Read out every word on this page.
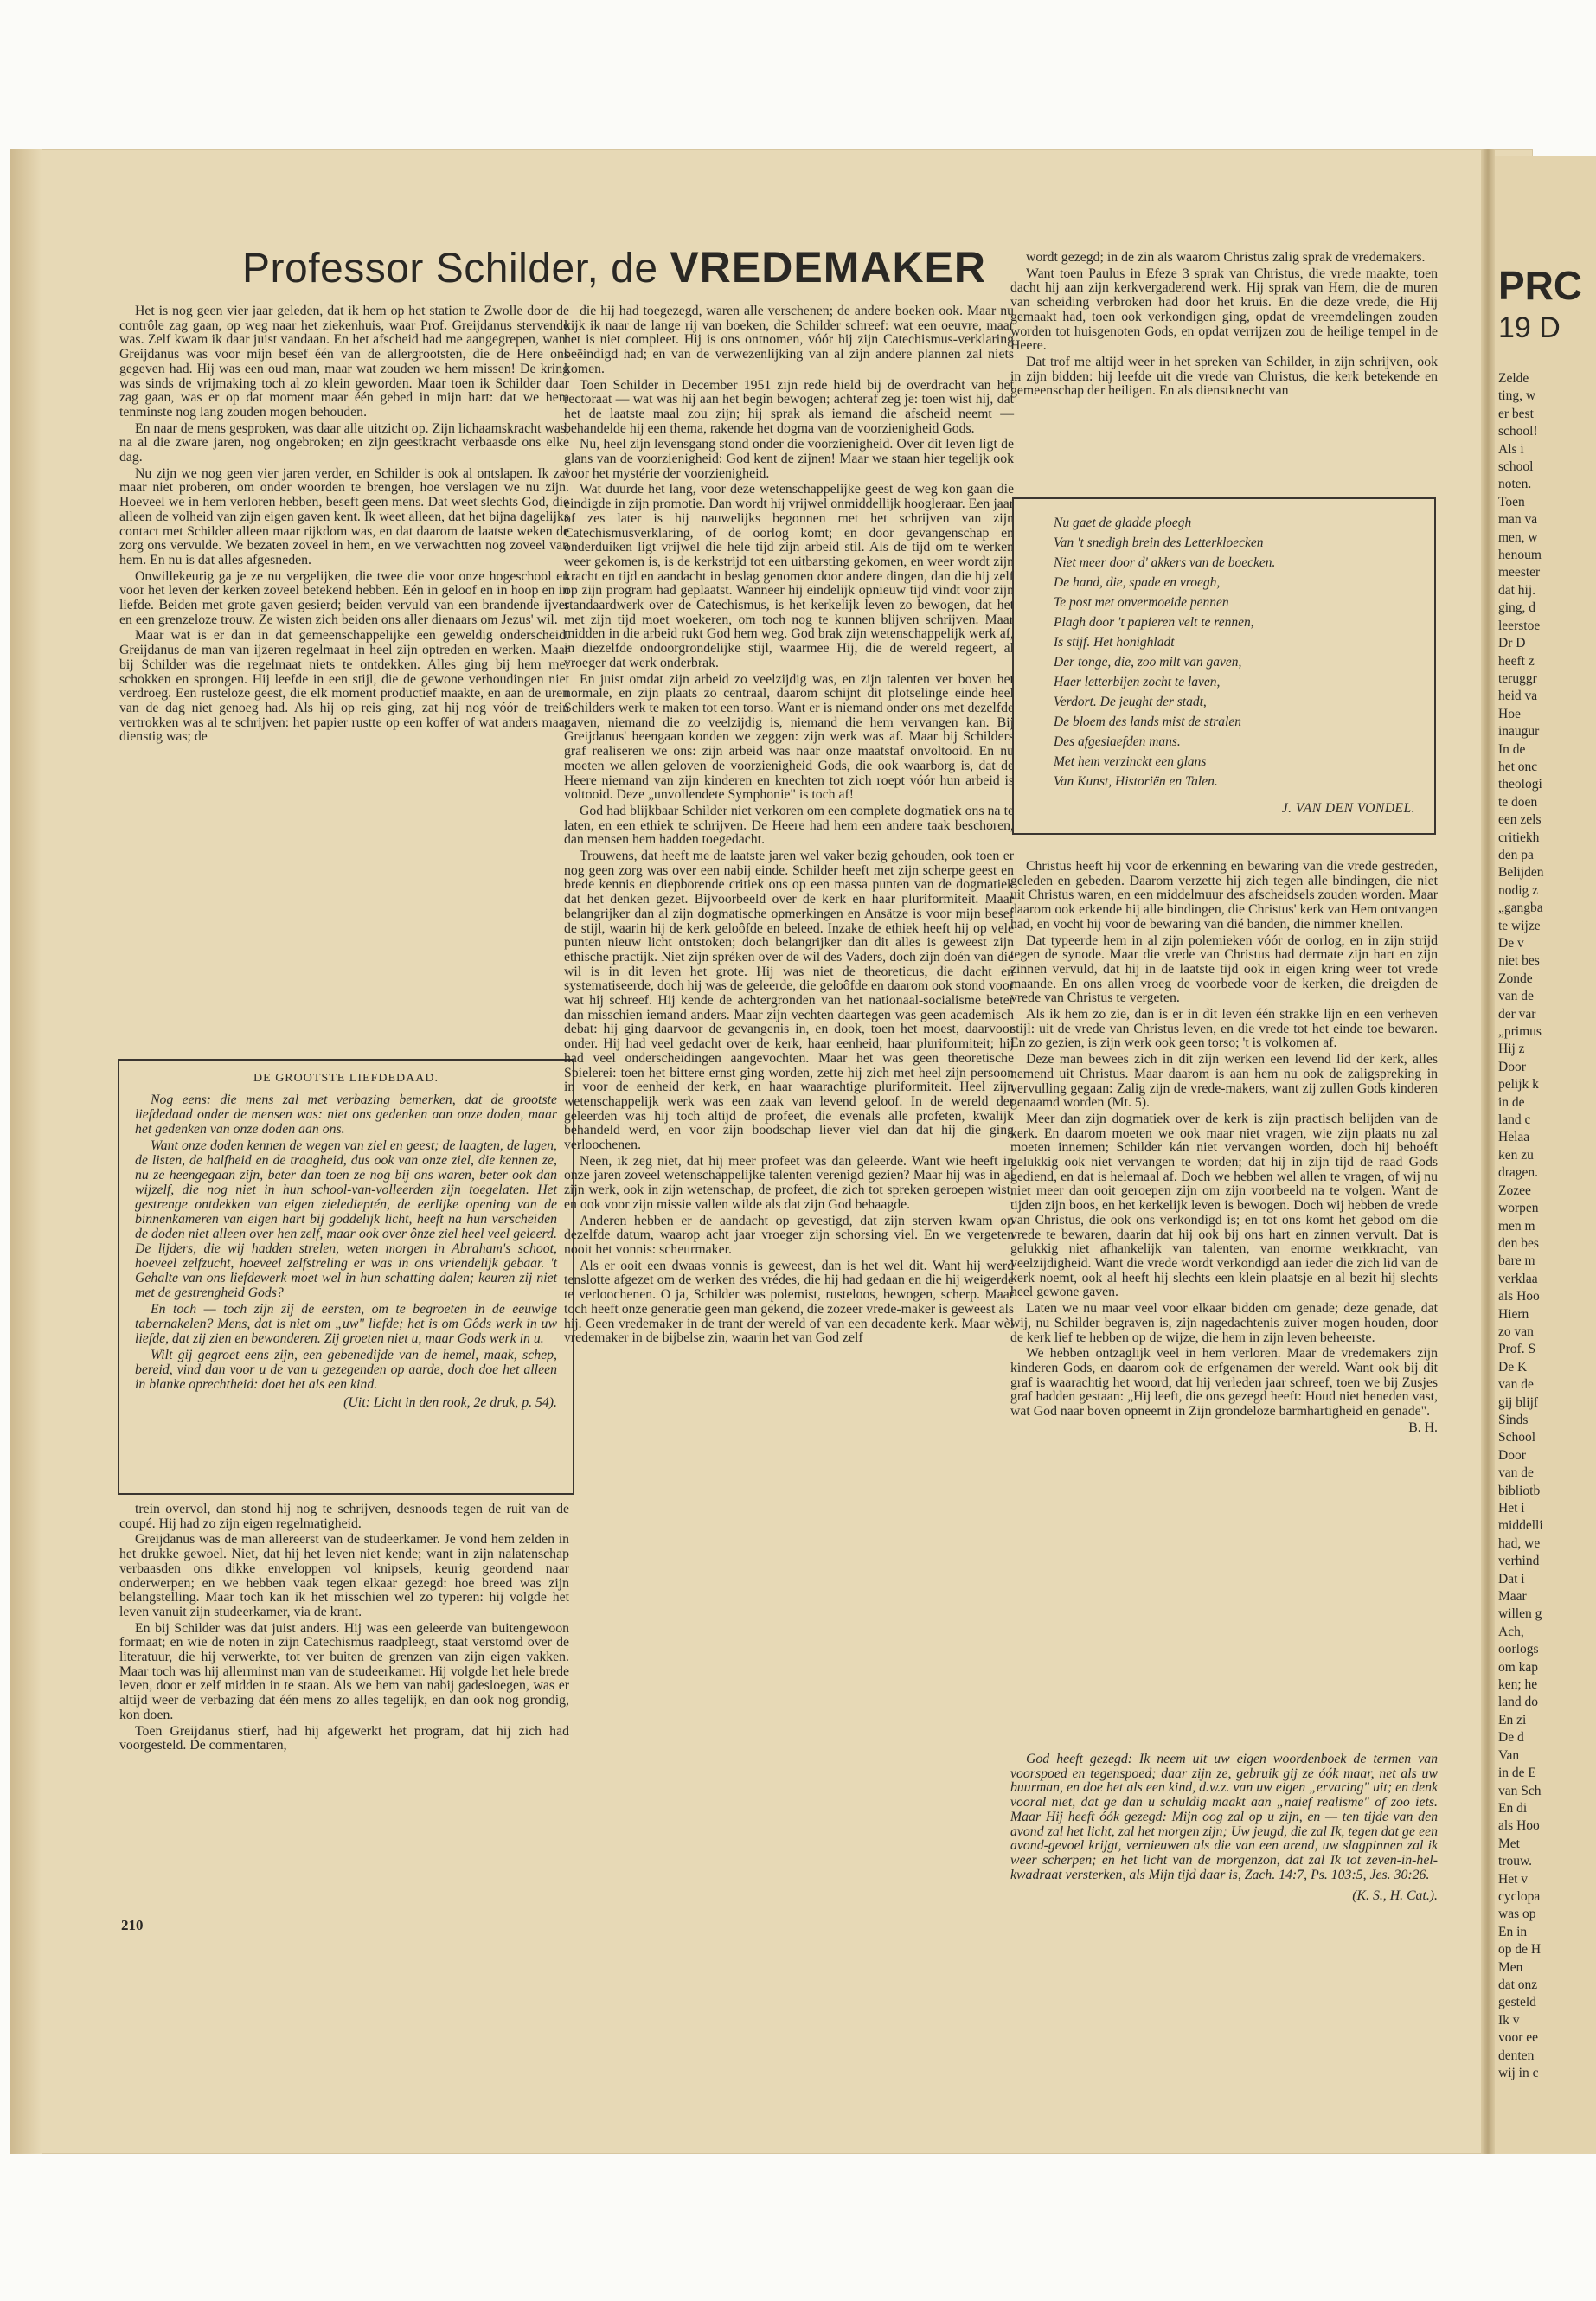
Professor Schilder, de VREDEMAKER

Het is nog geen vier jaar geleden, dat ik hem op het station te Zwolle door de contrôle zag gaan, op weg naar het ziekenhuis, waar Prof. Greijdanus stervende was. Zelf kwam ik daar juist vandaan. En het afscheid had me aangegrepen, want Greijdanus was voor mijn besef één van de allergrootsten, die de Here ons gegeven had. Hij was een oud man, maar wat zouden we hem missen! De kring was sinds de vrijmaking toch al zo klein geworden. Maar toen ik Schilder daar zag gaan, was er op dat moment maar één gebed in mijn hart: dat we hem tenminste nog lang zouden mogen behouden.

En naar de mens gesproken, was daar alle uitzicht op. Zijn lichaamskracht was, na al die zware jaren, nog ongebroken; en zijn geestkracht verbaasde ons elke dag.

Nu zijn we nog geen vier jaren verder, en Schilder is ook al ontslapen. Ik zal maar niet proberen, om onder woorden te brengen, hoe verslagen we nu zijn. Hoeveel we in hem verloren hebben, beseft geen mens. Dat weet slechts God, die alleen de volheid van zijn eigen gaven kent. Ik weet alleen, dat het bijna dagelijks contact met Schilder alleen maar rijkdom was, en dat daarom de laatste weken de zorg ons vervulde. We bezaten zoveel in hem, en we verwachtten nog zoveel van hem. En nu is dat alles afgesneden.

Onwillekeurig ga je ze nu vergelijken, die twee die voor onze hogeschool en voor het leven der kerken zoveel betekend hebben. Eén in geloof en in hoop en in liefde. Beiden met grote gaven gesierd; beiden vervuld van een brandende ijver en een grenzeloze trouw. Ze wisten zich beiden ons aller dienaars om Jezus' wil.

Maar wat is er dan in dat gemeenschappelijke een geweldig onderscheid. Greijdanus de man van ijzeren regelmaat in heel zijn optreden en werken. Maar bij Schilder was die regelmaat niets te ontdekken. Alles ging bij hem met schokken en sprongen. Hij leefde in een stijl, die de gewone verhoudingen niet verdroeg. Een rusteloze geest, die elk moment productief maakte, en aan de uren van de dag niet genoeg had. Als hij op reis ging, zat hij nog vóór de trein vertrokken was al te schrijven: het papier rustte op een koffer of wat anders maar dienstig was; de

DE GROOTSTE LIEFDEDAAD.

Nog eens: die mens zal met verbazing bemerken, dat de grootste liefdedaad onder de mensen was: niet ons gedenken aan onze doden, maar het gedenken van onze doden aan ons.

Want onze doden kennen de wegen van ziel en geest; de laagten, de lagen, de listen, de halfheid en de traagheid, dus ook van onze ziel, die kennen ze, nu ze heengegaan zijn, beter dan toen ze nog bij ons waren, beter ook dan wijzelf, die nog niet in hun school-van-volleerden zijn toegelaten. Het gestrenge ontdekken van eigen zieledieptén, de eerlijke opening van de binnenkameren van eigen hart bij goddelijk licht, heeft na hun verscheiden de doden niet alleen over hen zelf, maar ook over ônze ziel heel veel geleerd. De lijders, die wij hadden strelen, weten morgen in Abraham's schoot, hoeveel zelfzucht, hoeveel zelfstreling er was in ons vriendelijk gebaar. 't Gehalte van ons liefdewerk moet wel in hun schatting dalen; keuren zij niet met de gestrengheid Gods?

En toch — toch zijn zij de eersten, om te begroeten in de eeuwige tabernakelen? Mens, dat is niet om „uw" liefde; het is om Gôds werk in uw liefde, dat zij zien en bewonderen. Zij groeten niet u, maar Gods werk in u.

Wilt gij gegroet eens zijn, een gebenedijde van de hemel, maak, schep, bereid, vind dan voor u de van u gezegenden op aarde, doch doe het alleen in blanke oprechtheid: doet het als een kind.

(Uit: Licht in den rook, 2e druk, p. 54).

trein overvol, dan stond hij nog te schrijven, desnoods tegen de ruit van de coupé. Hij had zo zijn eigen regelmatigheid.

Greijdanus was de man allereerst van de studeerkamer. Je vond hem zelden in het drukke gewoel. Niet, dat hij het leven niet kende; want in zijn nalatenschap verbaasden ons dikke enveloppen vol knipsels, keurig geordend naar onderwerpen; en we hebben vaak tegen elkaar gezegd: hoe breed was zijn belangstelling. Maar toch kan ik het misschien wel zo typeren: hij volgde het leven vanuit zijn studeerkamer, via de krant.

En bij Schilder was dat juist anders. Hij was een geleerde van buitengewoon formaat; en wie de noten in zijn Catechismus raadpleegt, staat verstomd over de literatuur, die hij verwerkte, tot ver buiten de grenzen van zijn eigen vakken. Maar toch was hij allerminst man van de studeerkamer. Hij volgde het hele brede leven, door er zelf midden in te staan. Als we hem van nabij gadesloegen, was er altijd weer de verbazing dat één mens zo alles tegelijk, en dan ook nog grondig, kon doen.

Toen Greijdanus stierf, had hij afgewerkt het program, dat hij zich had voorgesteld. De commentaren,

210

die hij had toegezegd, waren alle verschenen; de andere boeken ook. Maar nu kijk ik naar de lange rij van boeken, die Schilder schreef: wat een oeuvre, maar het is niet compleet. Hij is ons ontnomen, vóór hij zijn Catechismus-verklaring beëindigd had; en van de verwezenlijking van al zijn andere plannen zal niets komen.

Toen Schilder in December 1951 zijn rede hield bij de overdracht van het rectoraat — wat was hij aan het begin bewogen; achteraf zeg je: toen wist hij, dat het de laatste maal zou zijn; hij sprak als iemand die afscheid neemt — behandelde hij een thema, rakende het dogma van de voorzienigheid Gods.

Nu, heel zijn levensgang stond onder die voorzienigheid. Over dit leven ligt de glans van de voorzienigheid: God kent de zijnen! Maar we staan hier tegelijk ook voor het mystérie der voorzienigheid.

Wat duurde het lang, voor deze wetenschappelijke geest de weg kon gaan die eindigde in zijn promotie. Dan wordt hij vrijwel onmiddellijk hoogleraar. Een jaar of zes later is hij nauwelijks begonnen met het schrijven van zijn Catechismusverklaring, of de oorlog komt; en door gevangenschap en onderduiken ligt vrijwel die hele tijd zijn arbeid stil. Als de tijd om te werken weer gekomen is, is de kerkstrijd tot een uitbarsting gekomen, en weer wordt zijn kracht en tijd en aandacht in beslag genomen door andere dingen, dan die hij zelf op zijn program had geplaatst. Wanneer hij eindelijk opnieuw tijd vindt voor zijn standaardwerk over de Catechismus, is het kerkelijk leven zo bewogen, dat het met zijn tijd moet woekeren, om toch nog te kunnen blijven schrijven. Maar midden in die arbeid rukt God hem weg. God brak zijn wetenschappelijk werk af, in diezelfde ondoorgrondelijke stijl, waarmee Hij, die de wereld regeert, al vroeger dat werk onderbrak.

En juist omdat zijn arbeid zo veelzijdig was, en zijn talenten ver boven het normale, en zijn plaats zo centraal, daarom schijnt dit plotselinge einde heel Schilders werk te maken tot een torso. Want er is niemand onder ons met dezelfde gaven, niemand die zo veelzijdig is, niemand die hem vervangen kan. Bij Greijdanus' heengaan konden we zeggen: zijn werk was af. Maar bij Schilders graf realiseren we ons: zijn arbeid was naar onze maatstaf onvoltooid. En nu moeten we allen geloven de voorzienigheid Gods, die ook waarborg is, dat de Heere niemand van zijn kinderen en knechten tot zich roept vóór hun arbeid is voltooid. Deze „unvollendete Symphonie" is toch af!

God had blijkbaar Schilder niet verkoren om een complete dogmatiek ons na te laten, en een ethiek te schrijven. De Heere had hem een andere taak beschoren, dan mensen hem hadden toegedacht.

Trouwens, dat heeft me de laatste jaren wel vaker bezig gehouden, ook toen er nog geen zorg was over een nabij einde. Schilder heeft met zijn scherpe geest en brede kennis en diepborende critiek ons op een massa punten van de dogmatiek dat het denken gezet. Bijvoorbeeld over de kerk en haar pluriformiteit. Maar belangrijker dan al zijn dogmatische opmerkingen en Ansätze is voor mijn besef de stijl, waarin hij de kerk geloôfde en beleed. Inzake de ethiek heeft hij op vele punten nieuw licht ontstoken; doch belangrijker dan dit alles is geweest zijn ethische practijk. Niet zijn spréken over de wil des Vaders, doch zijn doén van die wil is in dit leven het grote. Hij was niet de theoreticus, die dacht en systematiseerde, doch hij was de geleerde, die geloôfde en daarom ook stond voor wat hij schreef. Hij kende de achtergronden van het nationaal-socialisme beter dan misschien iemand anders. Maar zijn vechten daartegen was geen academisch debat: hij ging daarvoor de gevangenis in, en dook, toen het moest, daarvoor onder. Hij had veel gedacht over de kerk, haar eenheid, haar pluriformiteit; hij had veel onderscheidingen aangevochten. Maar het was geen theoretische Spielerei: toen het bittere ernst ging worden, zette hij zich met heel zijn persoon in voor de eenheid der kerk, en haar waarachtige pluriformiteit. Heel zijn wetenschappelijk werk was een zaak van levend geloof. In de wereld der geleerden was hij toch altijd de profeet, die evenals alle profeten, kwalijk behandeld werd, en voor zijn boodschap liever viel dan dat hij die ging verloochenen.

Neen, ik zeg niet, dat hij meer profeet was dan geleerde. Want wie heeft in onze jaren zoveel wetenschappelijke talenten verenigd gezien? Maar hij was in al zijn werk, ook in zijn wetenschap, de profeet, die zich tot spreken geroepen wist, en ook voor zijn missie vallen wilde als dat zijn God behaagde.

Anderen hebben er de aandacht op gevestigd, dat zijn sterven kwam op dezelfde datum, waarop acht jaar vroeger zijn schorsing viel. En we vergeten nooit het vonnis: scheurmaker.

Als er ooit een dwaas vonnis is geweest, dan is het wel dit. Want hij werd tenslotte afgezet om de werken des vrédes, die hij had gedaan en die hij weigerde te verloochenen. O ja, Schilder was polemist, rusteloos, bewogen, scherp. Maar toch heeft onze generatie geen man gekend, die zozeer vrede-maker is geweest als hij. Geen vredemaker in de trant der wereld of van een decadente kerk. Maar wèl vredemaker in de bijbelse zin, waarin het van God zelf

wordt gezegd; in de zin als waarom Christus zalig sprak de vredemakers.

Want toen Paulus in Efeze 3 sprak van Christus, die vrede maakte, toen dacht hij aan zijn kerkvergaderend werk. Hij sprak van Hem, die de muren van scheiding verbroken had door het kruis. En die deze vrede, die Hij gemaakt had, toen ook verkondigen ging, opdat de vreemdelingen zouden worden tot huisgenoten Gods, en opdat verrijzen zou de heilige tempel in de Heere.

Dat trof me altijd weer in het spreken van Schilder, in zijn schrijven, ook in zijn bidden: hij leefde uit die vrede van Christus, die kerk betekende en gemeenschap der heiligen. En als dienstknecht van

Nu gaet de gladde ploegh
Van 't snedigh brein des Letterkloecken
Niet meer door d' akkers van de boecken.
De hand, die, spade en vroegh,
Te post met onvermoeide pennen
Plagh door 't papieren velt te rennen,
Is stijf. Het honighladt
Der tonge, die, zoo milt van gaven,
Haer letterbijen zocht te laven,
Verdort. De jeught der stadt,
De bloem des lands mist de stralen
Des afgesiaefden mans.
Met hem verzinckt een glans
Van Kunst, Historiën en Talen.
J. VAN DEN VONDEL.

Christus heeft hij voor de erkenning en bewaring van die vrede gestreden, geleden en gebeden. Daarom verzette hij zich tegen alle bindingen, die niet uit Christus waren, en een middelmuur des afscheidsels zouden worden. Maar daarom ook erkende hij alle bindingen, die Christus' kerk van Hem ontvangen had, en vocht hij voor de bewaring van dié banden, die nimmer knellen.

Dat typeerde hem in al zijn polemieken vóór de oorlog, en in zijn strijd tegen de synode. Maar die vrede van Christus had dermate zijn hart en zijn zinnen vervuld, dat hij in de laatste tijd ook in eigen kring weer tot vrede maande. En ons allen vroeg de voorbede voor de kerken, die dreigden de vrede van Christus te vergeten.

Als ik hem zo zie, dan is er in dit leven één strakke lijn en een verheven stijl: uit de vrede van Christus leven, en die vrede tot het einde toe bewaren. En zo gezien, is zijn werk ook geen torso; 't is volkomen af.

Deze man bewees zich in dit zijn werken een levend lid der kerk, alles nemend uit Christus. Maar daarom is aan hem nu ook de zaligspreking in vervulling gegaan: Zalig zijn de vrede-makers, want zij zullen Gods kinderen genaamd worden (Mt. 5).

Meer dan zijn dogmatiek over de kerk is zijn practisch belijden van de kerk. En daarom moeten we ook maar niet vragen, wie zijn plaats nu zal moeten innemen; Schilder kán niet vervangen worden, doch hij behoéft gelukkig ook niet vervangen te worden; dat hij in zijn tijd de raad Gods gediend, en dat is helemaal af. Doch we hebben wel allen te vragen, of wij nu niet meer dan ooit geroepen zijn om zijn voorbeeld na te volgen. Want de tijden zijn boos, en het kerkelijk leven is bewogen. Doch wij hebben de vrede van Christus, die ook ons verkondigd is; en tot ons komt het gebod om die vrede te bewaren, daarin dat hij ook bij ons hart en zinnen vervult. Dat is gelukkig niet afhankelijk van talenten, van enorme werkkracht, van veelzijdigheid. Want die vrede wordt verkondigd aan ieder die zich lid van de kerk noemt, ook al heeft hij slechts een klein plaatsje en al bezit hij slechts heel gewone gaven.

Laten we nu maar veel voor elkaar bidden om genade; deze genade, dat wij, nu Schilder begraven is, zijn nagedachtenis zuiver mogen houden, door de kerk lief te hebben op de wijze, die hem in zijn leven beheerste.

We hebben ontzaglijk veel in hem verloren. Maar de vredemakers zijn kinderen Gods, en daarom ook de erfgenamen der wereld. Want ook bij dit graf is waarachtig het woord, dat hij verleden jaar schreef, toen we bij Zusjes graf hadden gestaan: „Hij leeft, die ons gezegd heeft: Houd niet beneden vast, wat God naar boven opneemt in Zijn grondeloze barmhartigheid en genade".

B. H.

God heeft gezegd: Ik neem uit uw eigen woordenboek de termen van voorspoed en tegenspoed; daar zijn ze, gebruik gij ze óók maar, net als uw buurman, en doe het als een kind, d.w.z. van uw eigen „ervaring" uit; en denk vooral niet, dat ge dan u schuldig maakt aan „naief realisme" of zoo iets. Maar Hij heeft óók gezegd: Mijn oog zal op u zijn, en — ten tijde van den avond zal het licht, zal het morgen zijn; Uw jeugd, die zal Ik, tegen dat ge een avond-gevoel krijgt, vernieuwen als die van een arend, uw slagpinnen zal ik weer scherpen; en het licht van de morgenzon, dat zal Ik tot zeven-in-hel-kwadraat versterken, als Mijn tijd daar is, Zach. 14:7, Ps. 103:5, Jes. 30:26.

(K. S., H. Cat.).
PRC
19 D
Zelde
ting, w
er best
school!
Als i
school
noten.
Toen
man va
men, w
henoum
meester
dat hij.
ging, d
leerstoe
Dr D
heeft z
teruggr
heid va
Hoe
inaugur
In de
het onc
theologi
te doen
een zels
critiekh
den pa
Belijden
nodig z
„gangba
te wijze
De v
niet bes
Zonde
van de
der var
„primus
Hij z
Door
pelijk k
in de
land c
Helaa
ken zu
dragen.
Zozee
worpen
men m
den bes
bare m
verklaa
als Hoo
Hiern
zo van
Prof. S
De K
van de
gij blijf
Sinds
School
Door
van de
bibliotb
Het i
middelli
had, we
verhind
Dat i
Maar
willen g
Ach,
oorlogs
om kap
ken; he
land do
En zi
De d
Van
in de E
van Sch
En di
als Hoo
Met
trouw.
Het v
cyclopa
was op
En in
op de H
Men
dat onz
gesteld
Ik v
voor ee
denten
wij in c
